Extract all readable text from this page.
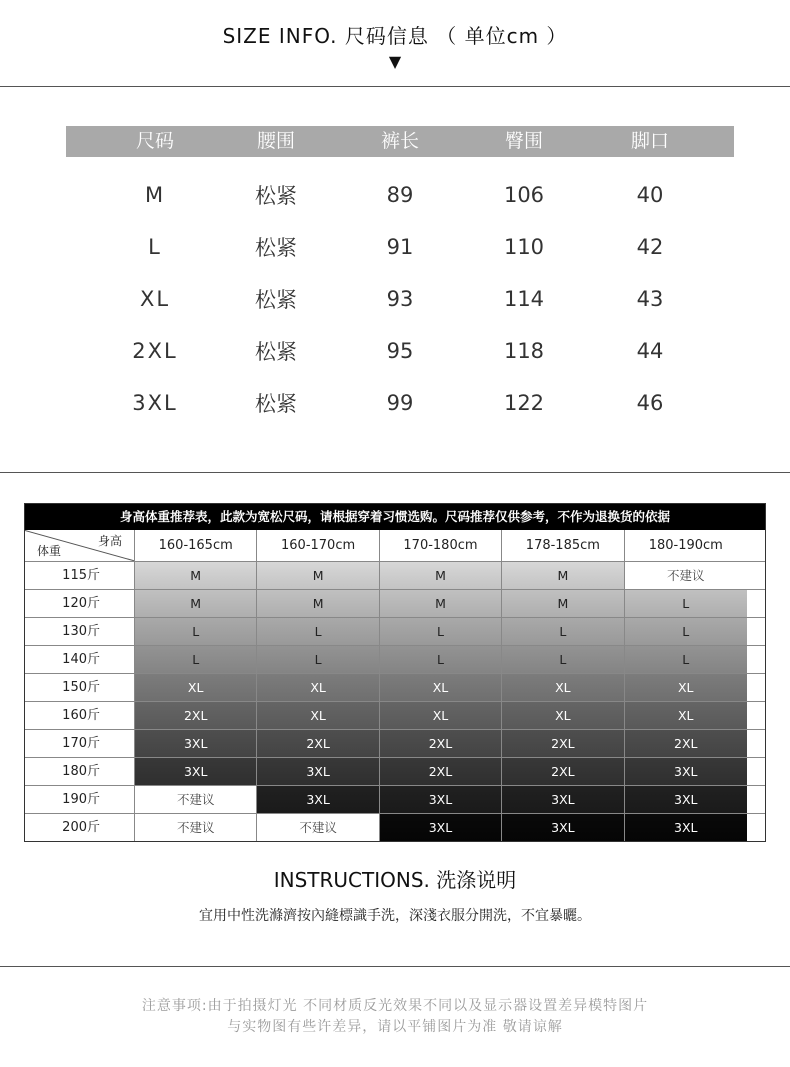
SIZE INFO. 尺码信息 （ 单位cm ）
▼
尺码	腰围	裤长	臀围	脚口
M	松紧	89	106	40
L	松紧	91	110	42
XL	松紧	93	114	43
2XL	松紧	95	118	44
3XL	松紧	99	122	46
身高体重推荐表，此款为宽松尺码，请根据穿着习惯选购。尺码推荐仅供参考，不作为退换货的依据
身高
体重	160-165cm	160-170cm	170-180cm	178-185cm	180-190cm
115斤	M	M	M	M	不建议
120斤	M	M	M	M	L
130斤	L	L	L	L	L
140斤	L	L	L	L	L
150斤	XL	XL	XL	XL	XL
160斤	2XL	XL	XL	XL	XL
170斤	3XL	2XL	2XL	2XL	2XL
180斤	3XL	3XL	2XL	2XL	3XL
190斤	不建议	3XL	3XL	3XL	3XL
200斤	不建议	不建议	3XL	3XL	3XL
INSTRUCTIONS. 洗涤说明
宜用中性洗滌濟按內縫標識手洗，深淺衣服分開洗，不宜暴曬。
注意事项:由于拍摄灯光 不同材质反光效果不同以及显示器设置差异模特图片
与实物图有些许差异，请以平铺图片为准 敬请谅解
